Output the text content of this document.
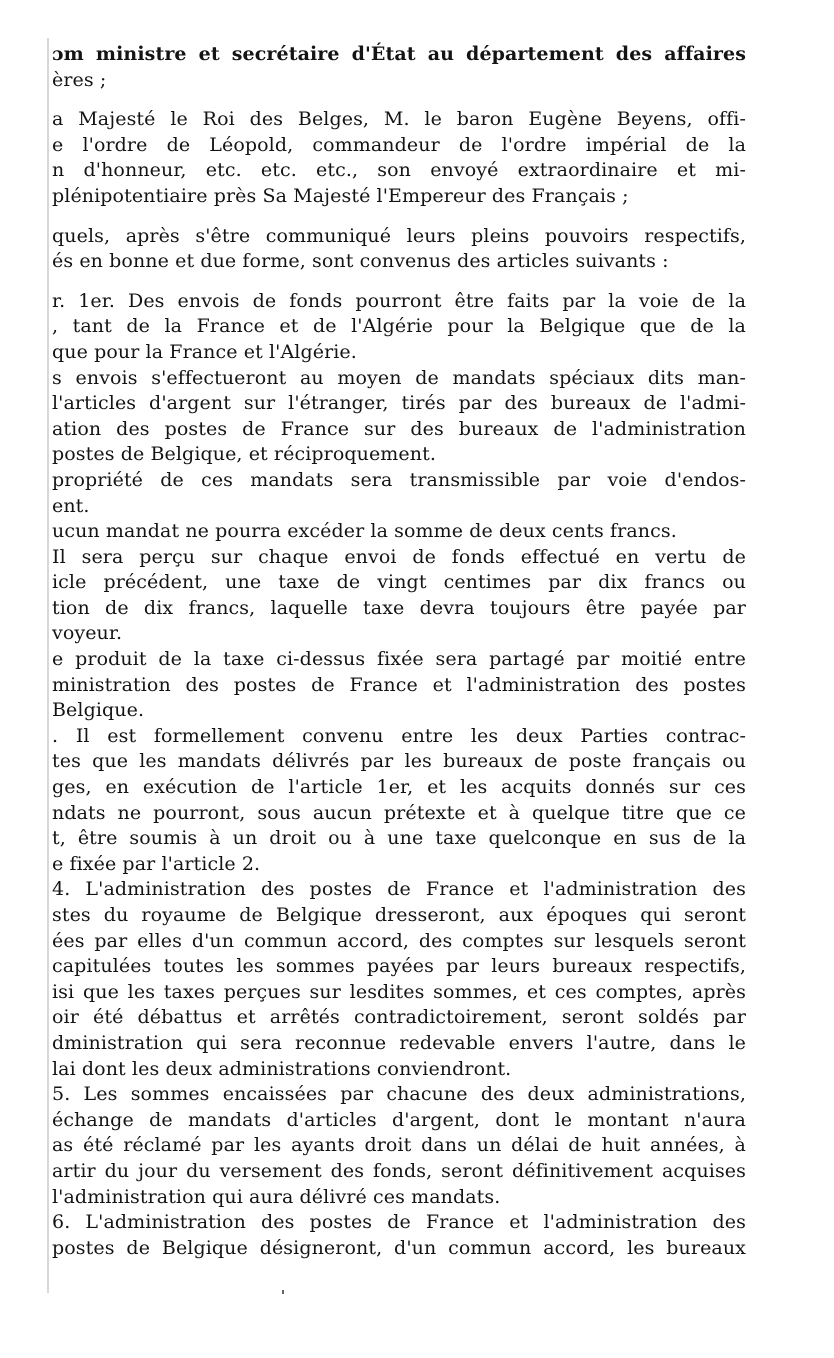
ɔm ministre et secrétaire d'État au département des affaires
ères ;
a Majesté le Roi des Belges, M. le baron Eugène Beyens, offi-
e l'ordre de Léopold, commandeur de l'ordre impérial de la
n d'honneur, etc. etc. etc., son envoyé extraordinaire et mi-
plénipotentiaire près Sa Majesté l'Empereur des Français ;
quels, après s'être communiqué leurs pleins pouvoirs respectifs,
és en bonne et due forme, sont convenus des articles suivants :
r. 1er. Des envois de fonds pourront être faits par la voie de la
, tant de la France et de l'Algérie pour la Belgique que de la
que pour la France et l'Algérie.
s envois s'effectueront au moyen de mandats spéciaux dits man-
l'articles d'argent sur l'étranger, tirés par des bureaux de l'admi-
ation des postes de France sur des bureaux de l'administration
postes de Belgique, et réciproquement.
propriété de ces mandats sera transmissible par voie d'endos-
ent.
ucun mandat ne pourra excéder la somme de deux cents francs.
Il sera perçu sur chaque envoi de fonds effectué en vertu de
icle précédent, une taxe de vingt centimes par dix francs ou
tion de dix francs, laquelle taxe devra toujours être payée par
voyeur.
e produit de la taxe ci-dessus fixée sera partagé par moitié entre
ministration des postes de France et l'administration des postes
Belgique.
. Il est formellement convenu entre les deux Parties contrac-
tes que les mandats délivrés par les bureaux de poste français ou
ges, en exécution de l'article 1er, et les acquits donnés sur ces
ndats ne pourront, sous aucun prétexte et à quelque titre que ce
t, être soumis à un droit ou à une taxe quelconque en sus de la
e fixée par l'article 2.
4. L'administration des postes de France et l'administration des
stes du royaume de Belgique dresseront, aux époques qui seront
ées par elles d'un commun accord, des comptes sur lesquels seront
capitulées toutes les sommes payées par leurs bureaux respectifs,
isi que les taxes perçues sur lesdites sommes, et ces comptes, après
oir été débattus et arrêtés contradictoirement, seront soldés par
dministration qui sera reconnue redevable envers l'autre, dans le
lai dont les deux administrations conviendront.
5. Les sommes encaissées par chacune des deux administrations,
échange de mandats d'articles d'argent, dont le montant n'aura
as été réclamé par les ayants droit dans un délai de huit années, à
artir du jour du versement des fonds, seront définitivement acquises
l'administration qui aura délivré ces mandats.
6. L'administration des postes de France et l'administration des
postes de Belgique désigneront, d'un commun accord, les bureaux
